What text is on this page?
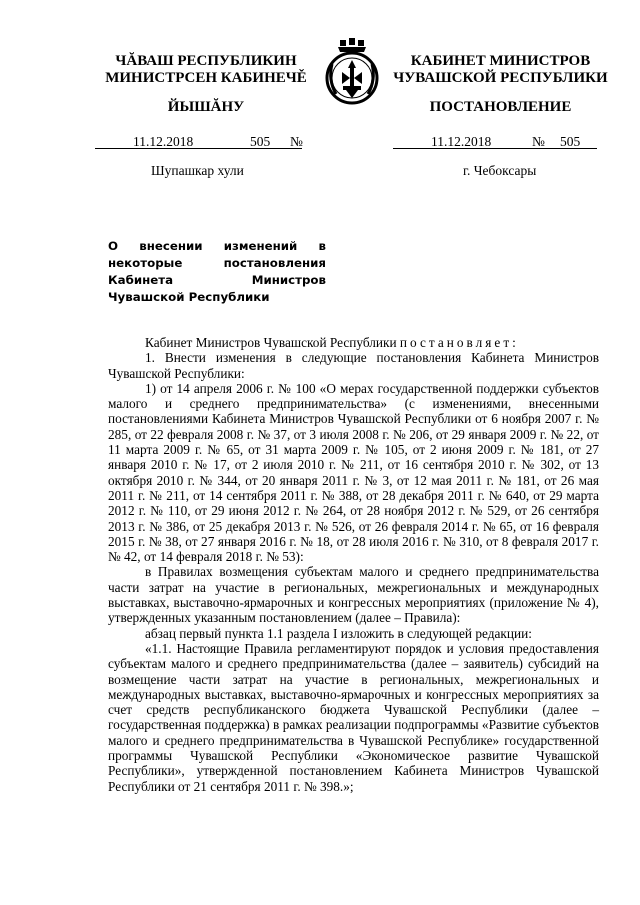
ЧĂВАШ РЕСПУБЛИКИН
МИНИСТРСЕН КАБИНЕЧĚ
ЙЫШĂНУ
КАБИНЕТ МИНИСТРОВ
ЧУВАШСКОЙ РЕСПУБЛИКИ
ПОСТАНОВЛЕНИЕ
11.12.2018	505 №	11.12.2018	№ 505
Шупашкар хули	г. Чебоксары
О внесении изменений в некоторые постановления Кабинета Министров Чувашской Республики

Кабинет Министров Чувашской Республики постановляет:

1. Внести изменения в следующие постановления Кабинета Министров Чувашской Республики:

1) от 14 апреля 2006 г. № 100 «О мерах государственной поддержки субъектов малого и среднего предпринимательства» (с изменениями, внесенными постановлениями Кабинета Министров Чувашской Республики от 6 ноября 2007 г. № 285, от 22 февраля 2008 г. № 37, от 3 июля 2008 г. № 206, от 29 января 2009 г. № 22, от 11 марта 2009 г. № 65, от 31 марта 2009 г. № 105, от 2 июня 2009 г. № 181, от 27 января 2010 г. № 17, от 2 июля 2010 г. № 211, от 16 сентября 2010 г. № 302, от 13 октября 2010 г. № 344, от 20 января 2011 г. № 3, от 12 мая 2011 г. № 181, от 26 мая 2011 г. № 211, от 14 сентября 2011 г. № 388, от 28 декабря 2011 г. № 640, от 29 марта 2012 г. № 110, от 29 июня 2012 г. № 264, от 28 ноября 2012 г. № 529, от 26 сентября 2013 г. № 386, от 25 декабря 2013 г. № 526, от 26 февраля 2014 г. № 65, от 16 февраля 2015 г. № 38, от 27 января 2016 г. № 18, от 28 июля 2016 г. № 310, от 8 февраля 2017 г. № 42, от 14 февраля 2018 г. № 53):

в Правилах возмещения субъектам малого и среднего предпринимательства части затрат на участие в региональных, межрегиональных и международных выставках, выставочно-ярмарочных и конгрессных мероприятиях (приложение № 4), утвержденных указанным постановлением (далее – Правила):

абзац первый пункта 1.1 раздела I изложить в следующей редакции:

«1.1. Настоящие Правила регламентируют порядок и условия предоставления субъектам малого и среднего предпринимательства (далее – заявитель) субсидий на возмещение части затрат на участие в региональных, межрегиональных и международных выставках, выставочно-ярмарочных и конгрессных мероприятиях за счет средств республиканского бюджета Чувашской Республики (далее – государственная поддержка) в рамках реализации подпрограммы «Развитие субъектов малого и среднего предпринимательства в Чувашской Республике» государственной программы Чувашской Республики «Экономическое развитие Чувашской Республики», утвержденной постановлением Кабинета Министров Чувашской Республики от 21 сентября 2011 г. № 398.»;
